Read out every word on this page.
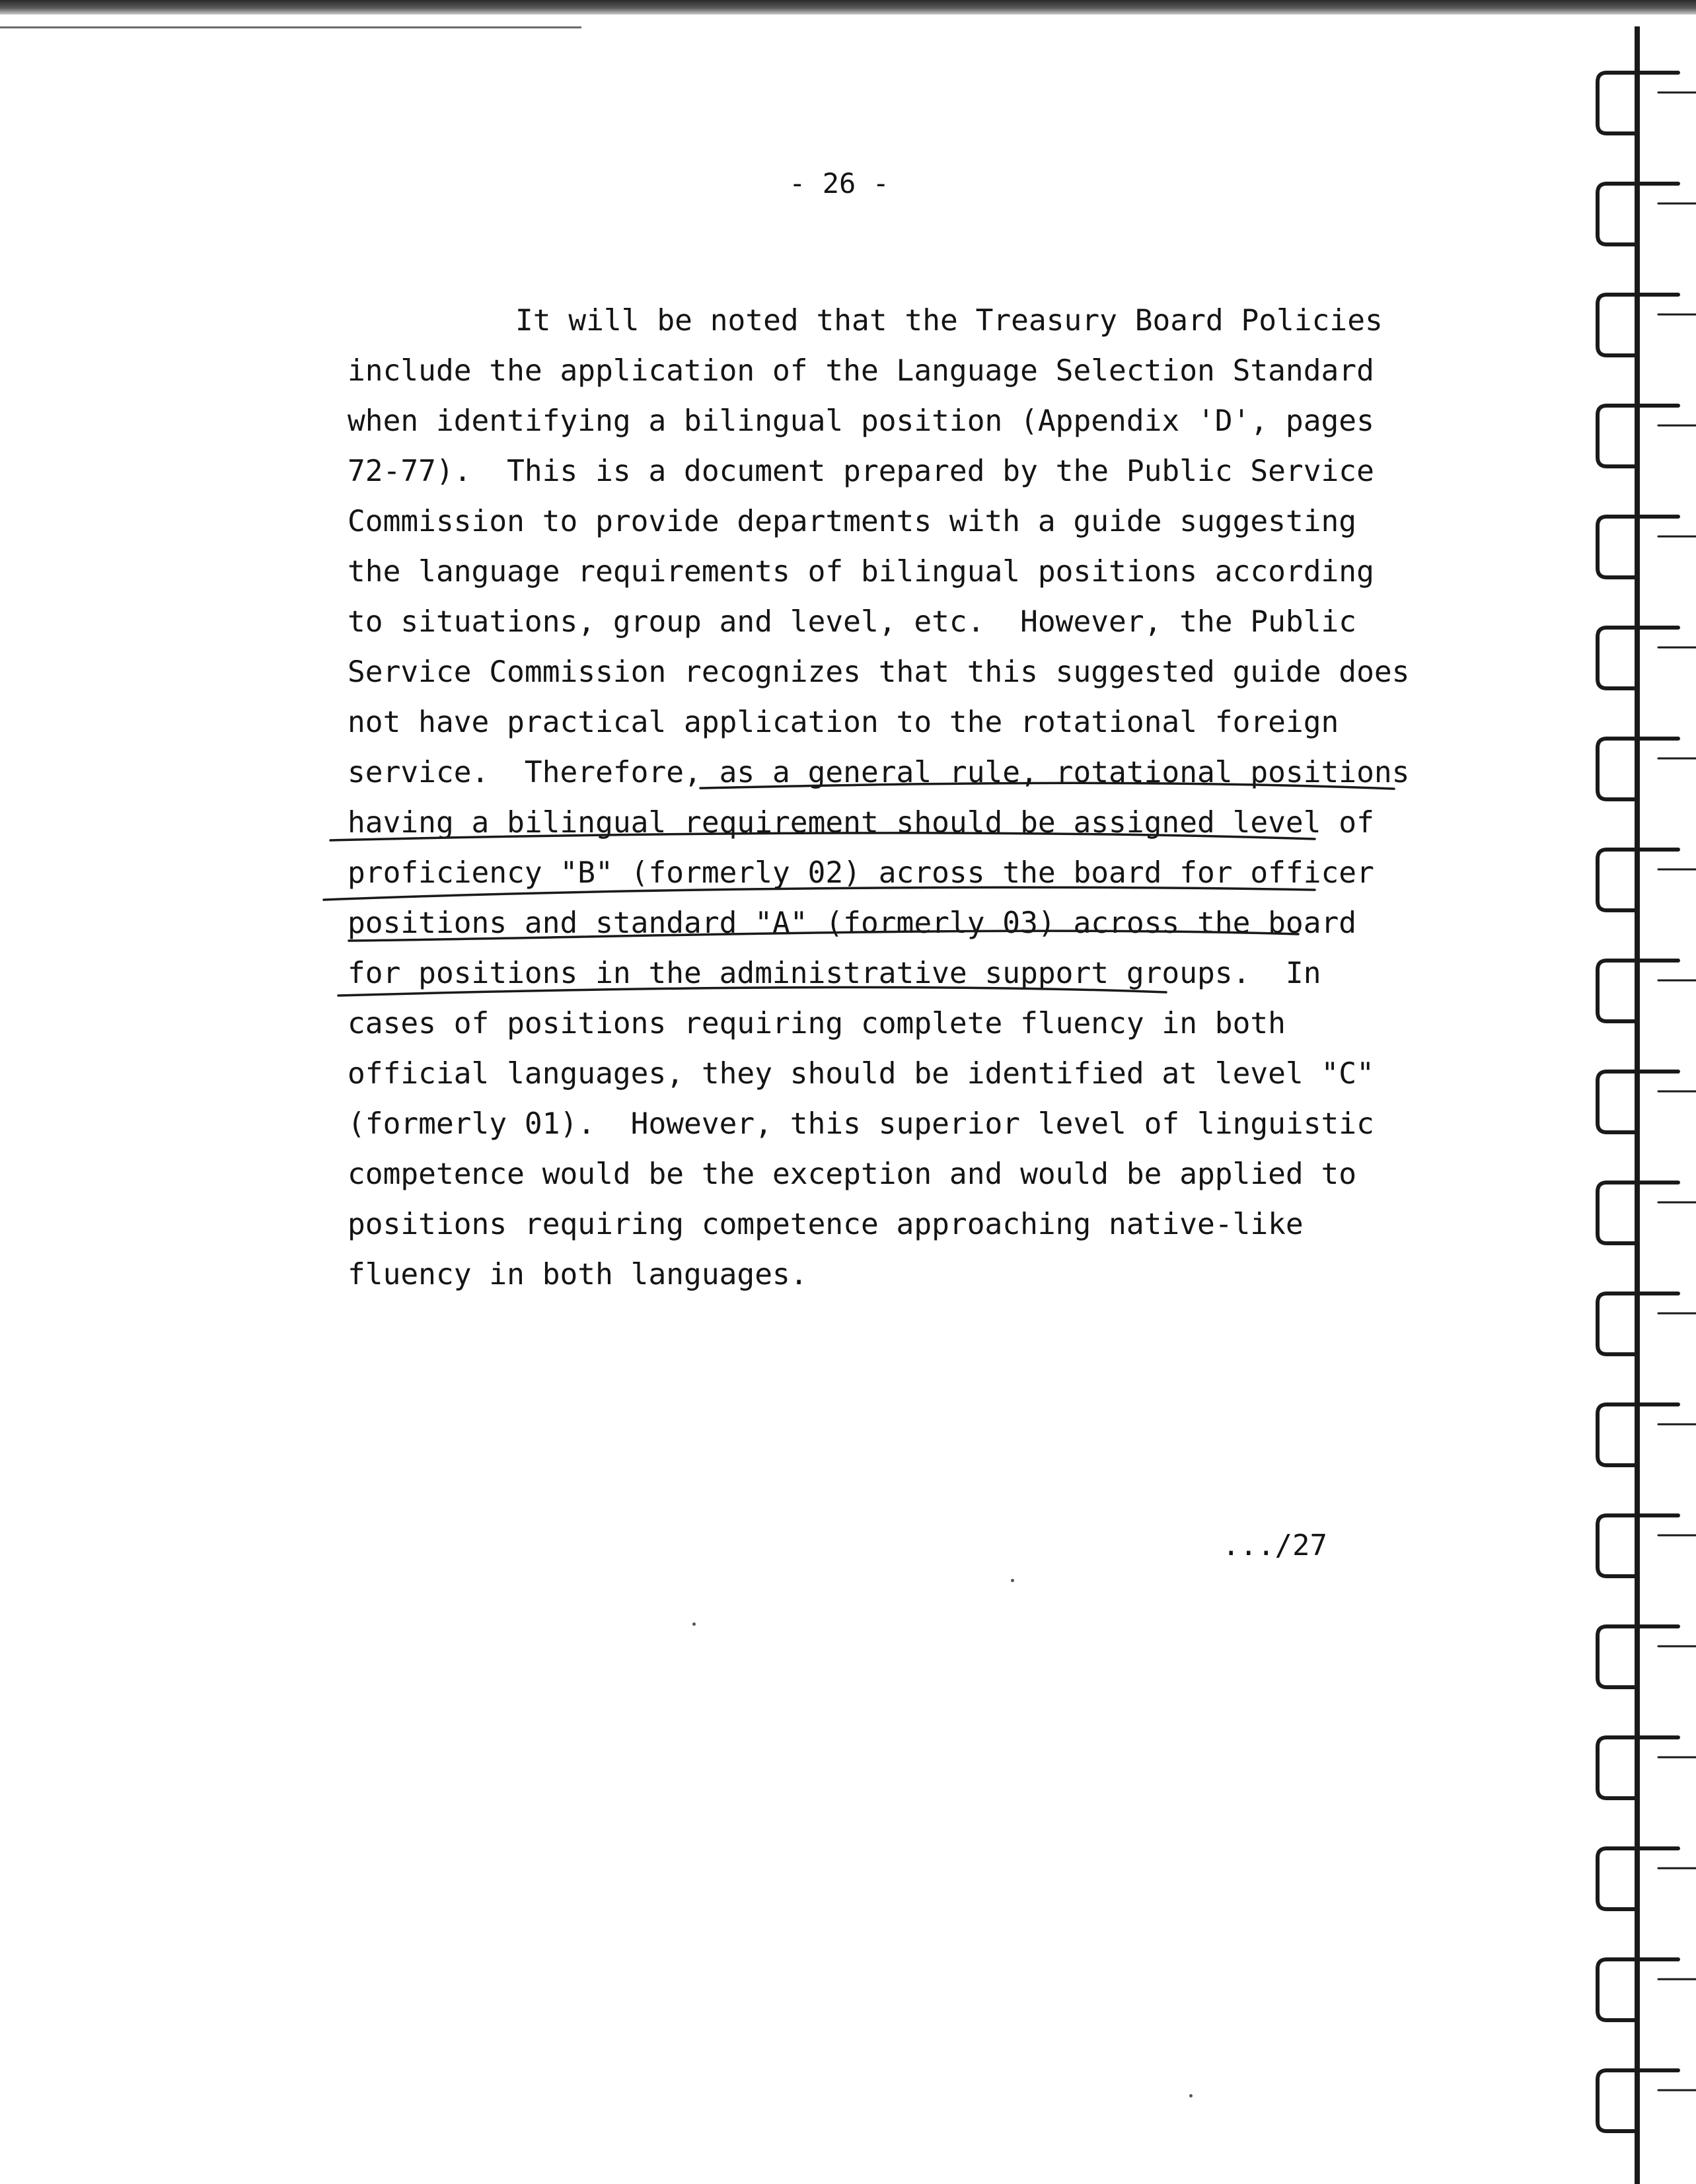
- 26 -
It will be noted that the Treasury Board Policies
include the application of the Language Selection Standard
when identifying a bilingual position (Appendix 'D', pages
72-77).  This is a document prepared by the Public Service
Commission to provide departments with a guide suggesting
the language requirements of bilingual positions according
to situations, group and level, etc.  However, the Public
Service Commission recognizes that this suggested guide does
not have practical application to the rotational foreign
service.  Therefore, as a general rule, rotational positions
having a bilingual requirement should be assigned level of
proficiency "B" (formerly 02) across the board for officer
positions and standard "A" (formerly 03) across the board
for positions in the administrative support groups.  In
cases of positions requiring complete fluency in both
official languages, they should be identified at level "C"
(formerly 01).  However, this superior level of linguistic
competence would be the exception and would be applied to
positions requiring competence approaching native-like
fluency in both languages.
.../27
